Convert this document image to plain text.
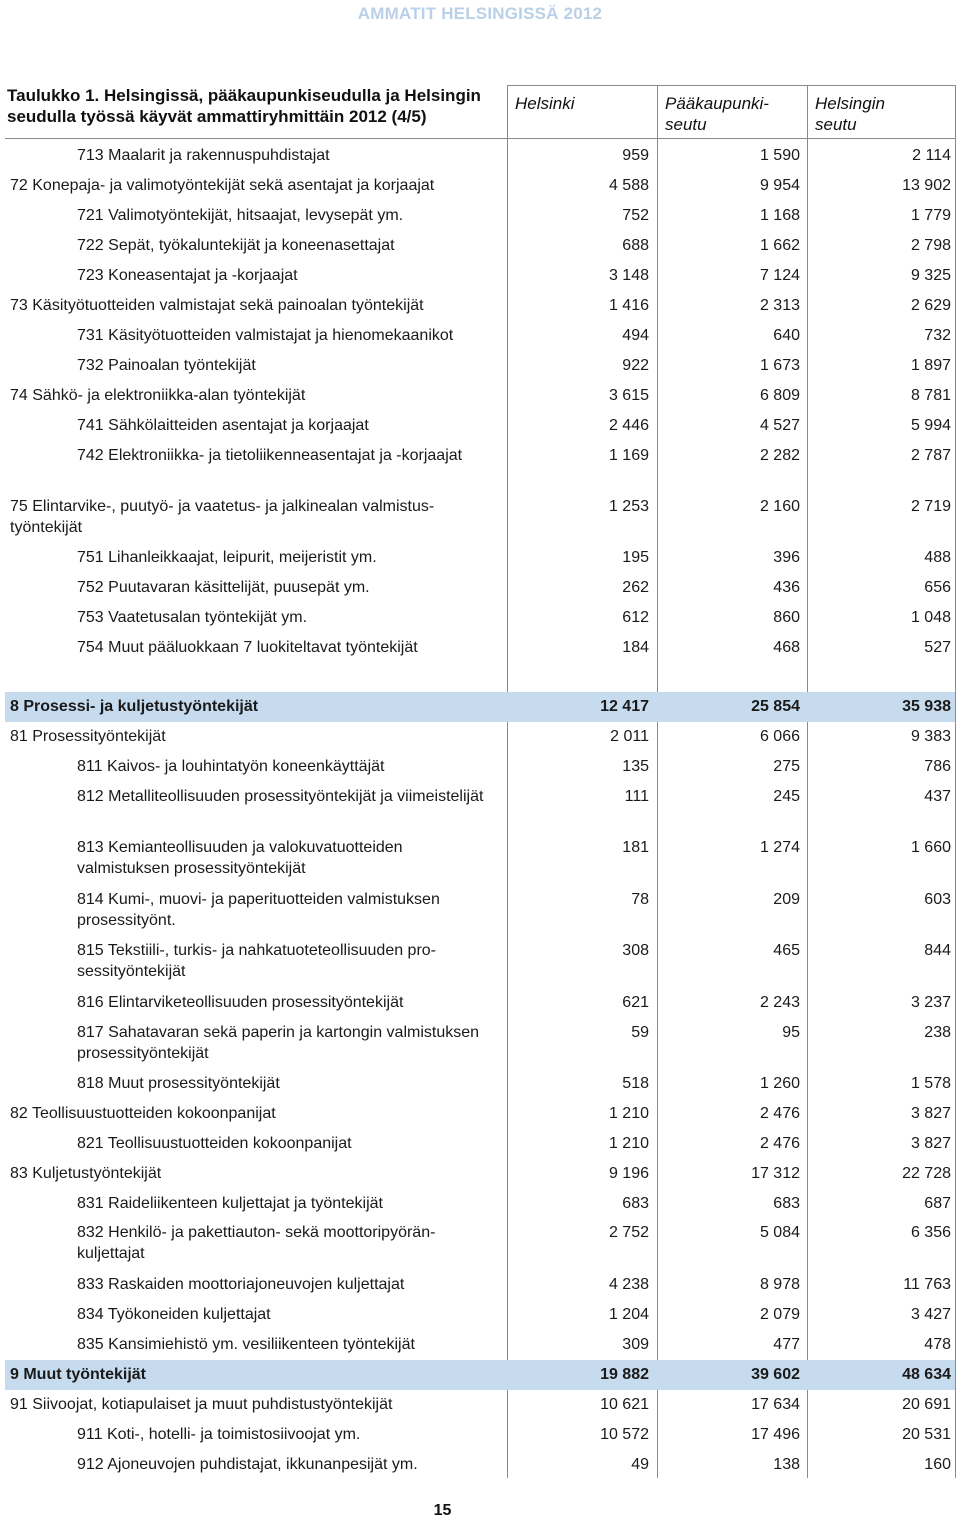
AMMATIT HELSINGISSÄ 2012
Taulukko 1. Helsingissä, pääkaupunkiseudulla ja Helsingin seudulla työssä käyvät ammattiryhmittäin 2012 (4/5)
Helsinki	Pääkaupunki-
seutu
Helsingin
seutu
713 Maalarit ja rakennuspuhdistajat	959	1 590	2 114
72 Konepaja- ja valimotyöntekijät sekä asentajat ja korjaajat	4 588	9 954	13 902
721 Valimotyöntekijät, hitsaajat, levysepät ym.	752	1 168	1 779
722 Sepät, työkaluntekijät ja koneenasettajat	688	1 662	2 798
723 Koneasentajat ja -korjaajat	3 148	7 124	9 325
73 Käsityötuotteiden valmistajat sekä painoalan työntekijät	1 416	2 313	2 629
731 Käsityötuotteiden valmistajat ja hienomekaanikot	494	640	732
732 Painoalan työntekijät	922	1 673	1 897
74 Sähkö- ja elektroniikka-alan työntekijät	3 615	6 809	8 781
741 Sähkölaitteiden asentajat ja korjaajat	2 446	4 527	5 994
742 Elektroniikka- ja tietoliikenneasentajat ja -korjaajat	1 169	2 282	2 787
75 Elintarvike-, puutyö- ja vaatetus- ja jalkinealan valmistus-työntekijät
1 253	2 160	2 719
751 Lihanleikkaajat, leipurit, meijeristit ym.	195	396	488
752 Puutavaran käsittelijät, puusepät ym.	262	436	656
753 Vaatetusalan työntekijät ym.	612	860	1 048
754 Muut pääluokkaan 7 luokiteltavat työntekijät	184	468	527
8 Prosessi- ja kuljetustyöntekijät	12 417	25 854	35 938
81 Prosessityöntekijät	2 011	6 066	9 383
811 Kaivos- ja louhintatyön koneenkäyttäjät	135	275	786
812 Metalliteollisuuden prosessityöntekijät ja viimeistelijät	111	245	437
813 Kemianteollisuuden ja valokuvatuotteiden valmistuksen prosessityöntekijät
181	1 274	1 660
814 Kumi-, muovi- ja paperituotteiden valmistuksen prosessityönt.
78	209	603
815 Tekstiili-, turkis- ja nahkatuoteteollisuuden pro-sessityöntekijät
308	465	844
816 Elintarviketeollisuuden prosessityöntekijät	621	2 243	3 237
817 Sahatavaran sekä paperin ja kartongin valmistuksen prosessityöntekijät
59	95	238
818 Muut prosessityöntekijät	518	1 260	1 578
82 Teollisuustuotteiden kokoonpanijat	1 210	2 476	3 827
821 Teollisuustuotteiden kokoonpanijat	1 210	2 476	3 827
83 Kuljetustyöntekijät	9 196	17 312	22 728
831 Raideliikenteen kuljettajat ja työntekijät	683	683	687
832 Henkilö- ja pakettiauton- sekä moottoripyörän-kuljettajat
2 752	5 084	6 356
833 Raskaiden moottoriajoneuvojen kuljettajat	4 238	8 978	11 763
834 Työkoneiden kuljettajat	1 204	2 079	3 427
835 Kansimiehistö ym. vesiliikenteen työntekijät	309	477	478
9 Muut työntekijät	19 882	39 602	48 634
91 Siivoojat, kotiapulaiset ja muut puhdistustyöntekijät	10 621	17 634	20 691
911 Koti-, hotelli- ja toimistosiivoojat ym.	10 572	17 496	20 531
912 Ajoneuvojen puhdistajat, ikkunanpesijät ym.	49	138	160
15
